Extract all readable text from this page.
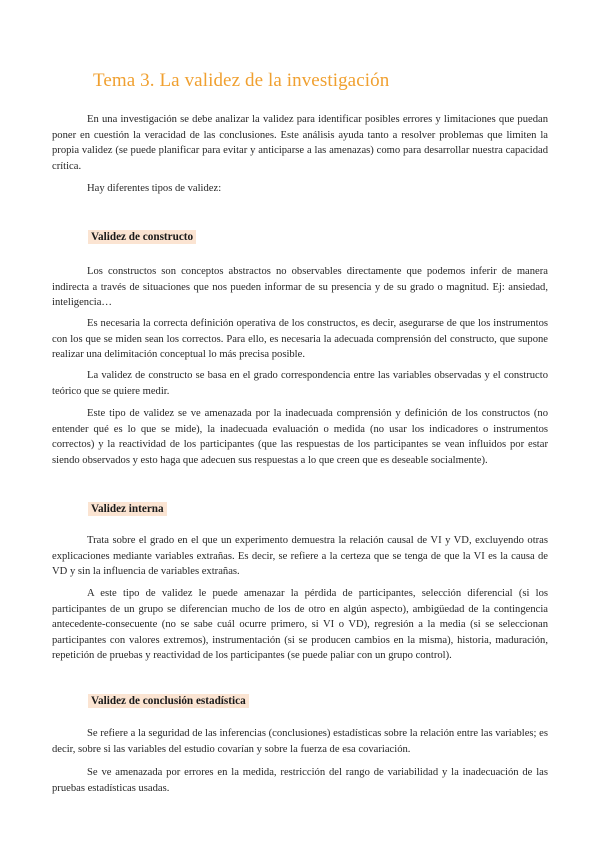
Tema 3. La validez de la investigación

En una investigación se debe analizar la validez para identificar posibles errores y limitaciones que puedan poner en cuestión la veracidad de las conclusiones. Este análisis ayuda tanto a resolver problemas que limiten la propia validez (se puede planificar para evitar y anticiparse a las amenazas) como para desarrollar nuestra capacidad crítica.

Hay diferentes tipos de validez:

Validez de constructo

Los constructos son conceptos abstractos no observables directamente que podemos inferir de manera indirecta a través de situaciones que nos pueden informar de su presencia y de su grado o magnitud. Ej: ansiedad, inteligencia…

Es necesaria la correcta definición operativa de los constructos, es decir, asegurarse de que los instrumentos con los que se miden sean los correctos. Para ello, es necesaria la adecuada comprensión del constructo, que supone realizar una delimitación conceptual lo más precisa posible.

La validez de constructo se basa en el grado correspondencia entre las variables observadas y el constructo teórico que se quiere medir.

Este tipo de validez se ve amenazada por la inadecuada comprensión y definición de los constructos (no entender qué es lo que se mide), la inadecuada evaluación o medida (no usar los indicadores o instrumentos correctos) y la reactividad de los participantes (que las respuestas de los participantes se vean influidos por estar siendo observados y esto haga que adecuen sus respuestas a lo que creen que es deseable socialmente).

Validez interna

Trata sobre el grado en el que un experimento demuestra la relación causal de VI y VD, excluyendo otras explicaciones mediante variables extrañas. Es decir, se refiere a la certeza que se tenga de que la VI es la causa de VD y sin la influencia de variables extrañas.

A este tipo de validez le puede amenazar la pérdida de participantes, selección diferencial (si los participantes de un grupo se diferencian mucho de los de otro en algún aspecto), ambigüedad de la contingencia antecedente-consecuente (no se sabe cuál ocurre primero, si VI o VD), regresión a la media (si se seleccionan participantes con valores extremos), instrumentación (si se producen cambios en la misma), historia, maduración, repetición de pruebas y reactividad de los participantes (se puede paliar con un grupo control).

Validez de conclusión estadística

Se refiere a la seguridad de las inferencias (conclusiones) estadísticas sobre la relación entre las variables; es decir, sobre si las variables del estudio covarían y sobre la fuerza de esa covariación.

Se ve amenazada por errores en la medida, restricción del rango de variabilidad y la inadecuación de las pruebas estadísticas usadas.
